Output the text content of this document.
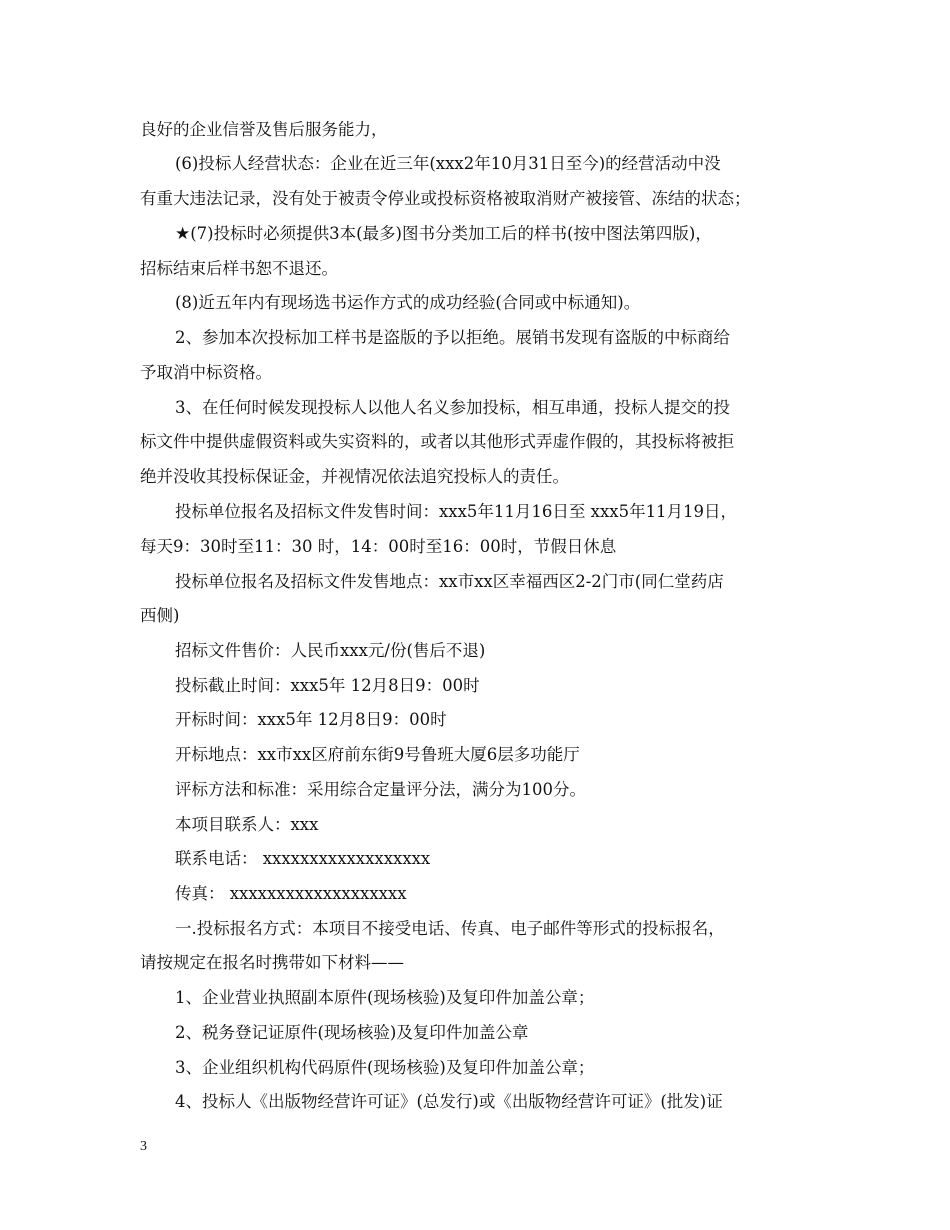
良好的企业信誉及售后服务能力，
(6)投标人经营状态：企业在近三年(xxx2年10月31日至今)的经营活动中没
有重大违法记录，没有处于被责令停业或投标资格被取消财产被接管、冻结的状态；
★(7)投标时必须提供3本(最多)图书分类加工后的样书(按中图法第四版)，
招标结束后样书恕不退还。
(8)近五年内有现场选书运作方式的成功经验(合同或中标通知)。
2、参加本次投标加工样书是盗版的予以拒绝。展销书发现有盗版的中标商给
予取消中标资格。
3、在任何时候发现投标人以他人名义参加投标，相互串通，投标人提交的投
标文件中提供虚假资料或失实资料的，或者以其他形式弄虚作假的，其投标将被拒
绝并没收其投标保证金，并视情况依法追究投标人的责任。
投标单位报名及招标文件发售时间：xxx5年11月16日至 xxx5年11月19日，
每天9：30时至11：30 时，14：00时至16：00时，节假日休息
投标单位报名及招标文件发售地点：xx市xx区幸福西区2-2门市(同仁堂药店
西侧)
招标文件售价：人民币xxx元/份(售后不退)
投标截止时间：xxx5年 12月8日9：00时
开标时间：xxx5年 12月8日9：00时
开标地点：xx市xx区府前东街9号鲁班大厦6层多功能厅
评标方法和标准：采用综合定量评分法，满分为100分。
本项目联系人：xxx
联系电话： xxxxxxxxxxxxxxxxxx
传真： xxxxxxxxxxxxxxxxxxx
一.投标报名方式：本项目不接受电话、传真、电子邮件等形式的投标报名，
请按规定在报名时携带如下材料——
1、企业营业执照副本原件(现场核验)及复印件加盖公章；
2、税务登记证原件(现场核验)及复印件加盖公章
3、企业组织机构代码原件(现场核验)及复印件加盖公章；
4、投标人《出版物经营许可证》(总发行)或《出版物经营许可证》(批发)证
3
